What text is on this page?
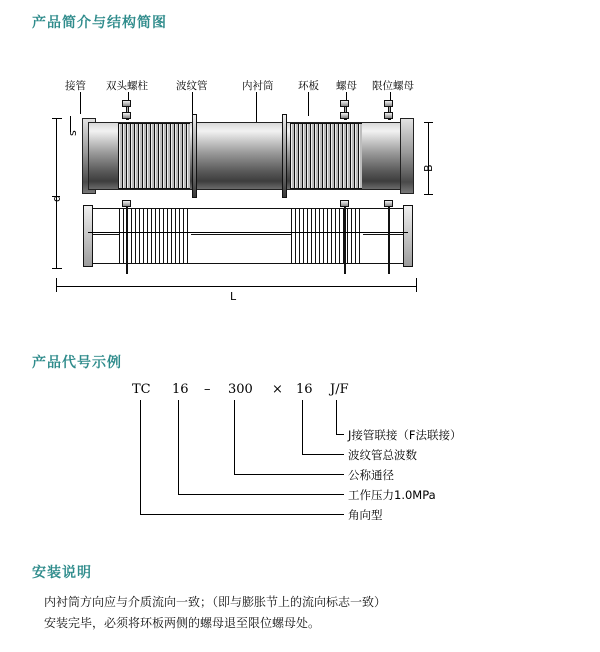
产品简介与结构简图
接管 双头螺柱	波纹管	内衬筒 环板 螺母 限位螺母
s
d
B
L
产品代号示例
TC 16 – 300 × 16 J/F
J接管联接（F法联接）
波纹管总波数
公称通径
工作压力1.0MPa
角向型
安装说明
内衬筒方向应与介质流向一致；（即与膨胀节上的流向标志一致）
安装完毕，必须将环板两侧的螺母退至限位螺母处。
